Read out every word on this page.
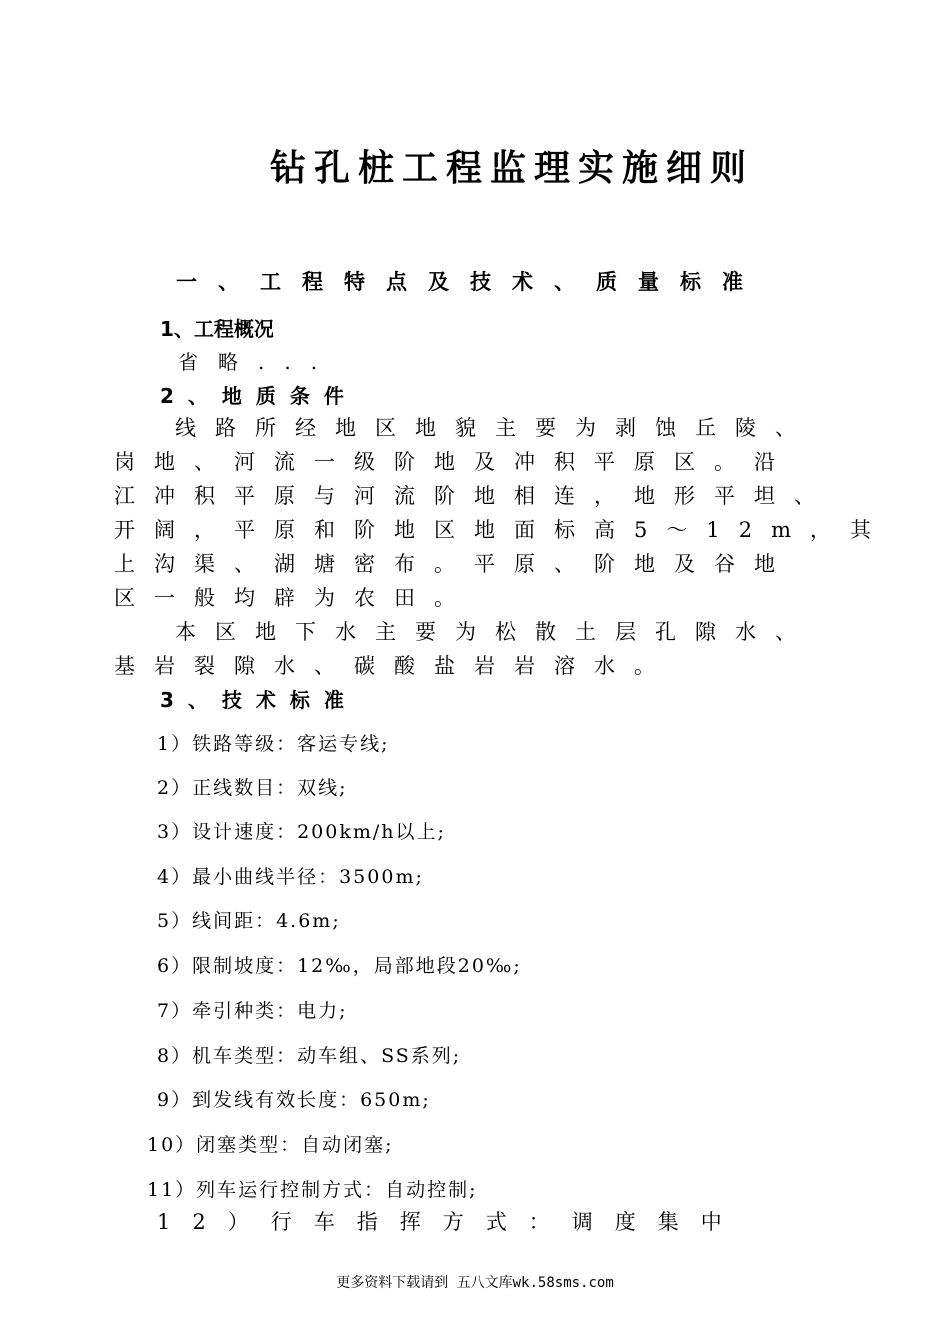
钻孔桩工程监理实施细则
一、工程特点及技术、质量标准
1、工程概况
省略...
2、地质条件
线路所经地区地貌主要为剥蚀丘陵、
岗地、河流一级阶地及冲积平原区。沿
江冲积平原与河流阶地相连，地形平坦、
开阔，平原和阶地区地面标高5～12m，其
上沟渠、湖塘密布。平原、阶地及谷地
区一般均辟为农田。
本区地下水主要为松散土层孔隙水、
基岩裂隙水、碳酸盐岩岩溶水。
3、技术标准
1）铁路等级：客运专线;
2）正线数目：双线;
3）设计速度：200km/h以上;
4）最小曲线半径：3500m;
5）线间距：4.6m;
6）限制坡度：12‰，局部地段20‰;
7）牵引种类：电力;
8）机车类型：动车组、SS系列;
9）到发线有效长度：650m;
10）闭塞类型：自动闭塞;
11）列车运行控制方式：自动控制;
12）行车指挥方式：调度集中
更多资料下载请到 五八文库wk.58sms.com
